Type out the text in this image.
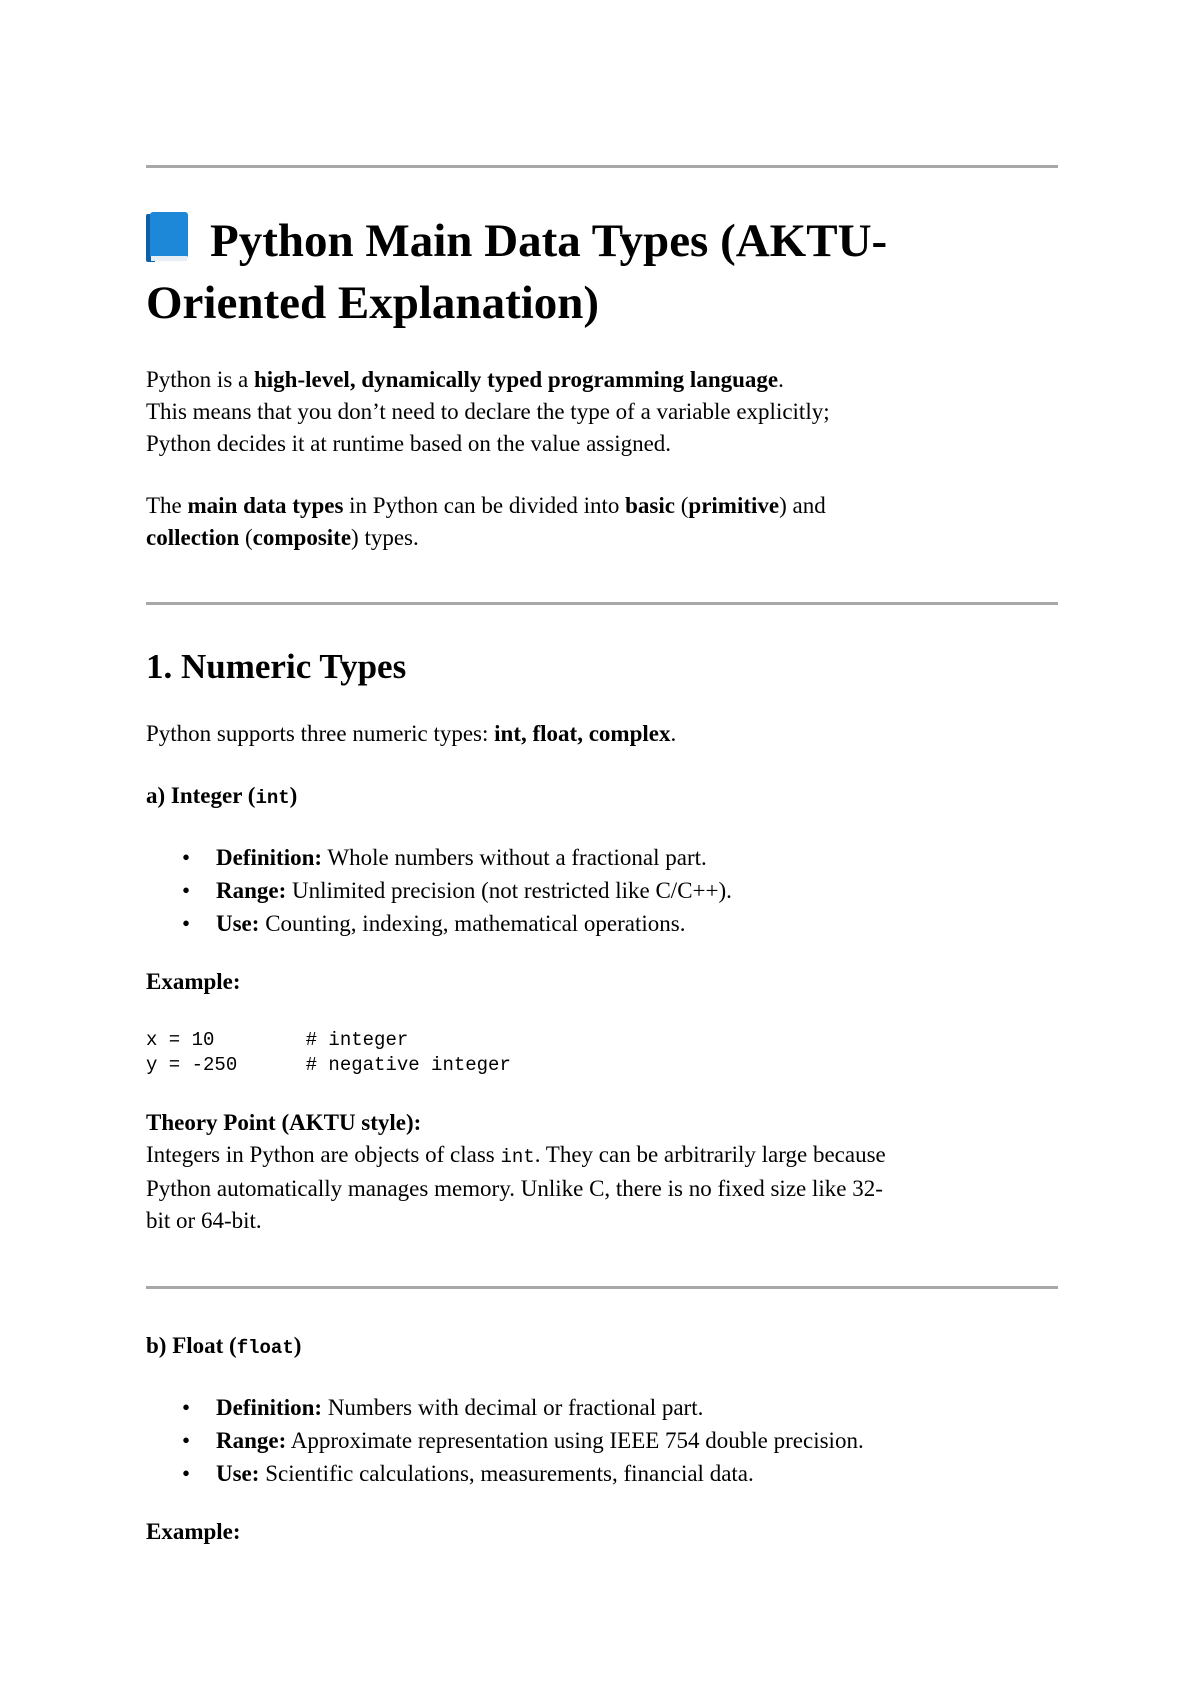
Python Main Data Types (AKTU-Oriented Explanation)

Python is a high-level, dynamically typed programming language.

This means that you don’t need to declare the type of a variable explicitly;

Python decides it at runtime based on the value assigned.

The main data types in Python can be divided into basic (primitive) and

collection (composite) types.

1. Numeric Types

Python supports three numeric types: int, float, complex.

a) Integer (int)
• Definition: Whole numbers without a fractional part.
• Range: Unlimited precision (not restricted like C/C++).
• Use: Counting, indexing, mathematical operations.
Example:
x = 10        # integer
y = -250      # negative integer
Theory Point (AKTU style):

Integers in Python are objects of class int. They can be arbitrarily large because

Python automatically manages memory. Unlike C, there is no fixed size like 32-

bit or 64-bit.

b) Float (float)
• Definition: Numbers with decimal or fractional part.
• Range: Approximate representation using IEEE 754 double precision.
• Use: Scientific calculations, measurements, financial data.
Example:
